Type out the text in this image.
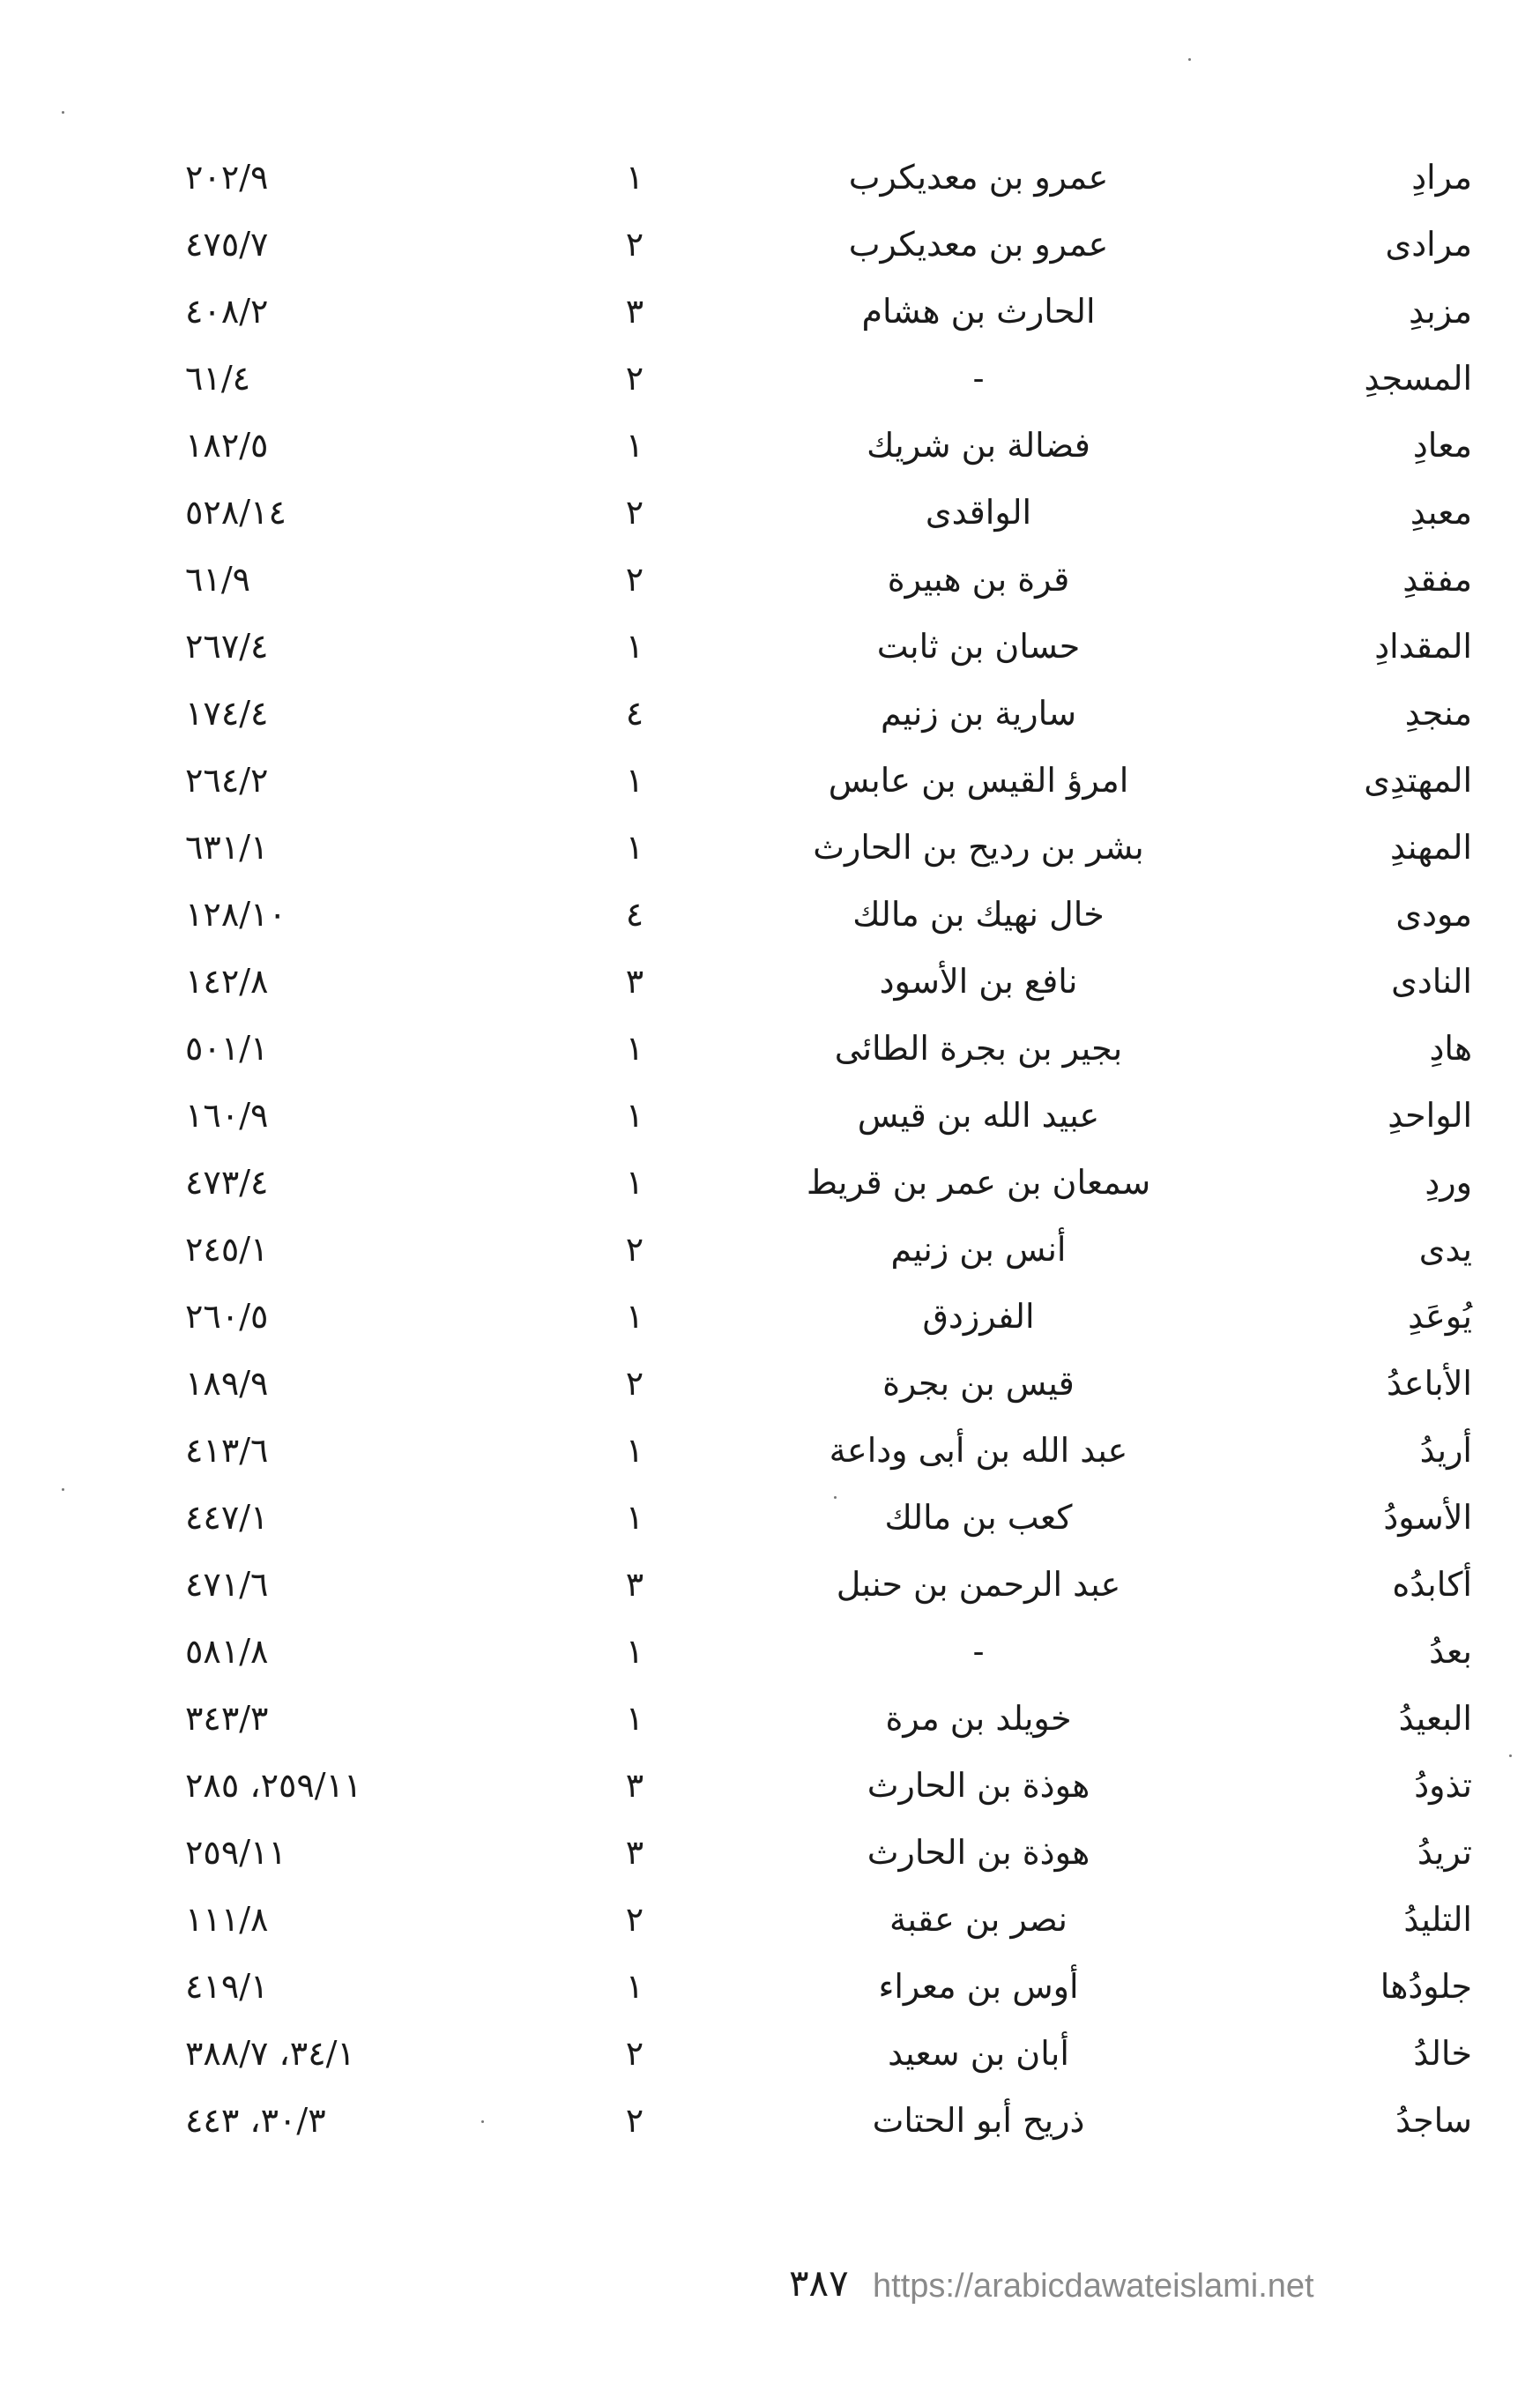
مرادِ
عمرو بن معديكرب
١
٢٠٢/٩
مرادى
عمرو بن معديكرب
٢
٤٧٥/٧
مزبدِ
الحارث بن هشام
٣
٤٠٨/٢
المسجدِ
-
٢
٦١/٤
معادِ
فضالة بن شريك
١
١٨٢/٥
معبدِ
الواقدى
٢
٥٢٨/١٤
مفقدِ
قرة بن هبيرة
٢
٦١/٩
المقدادِ
حسان بن ثابت
١
٢٦٧/٤
منجدِ
سارية بن زنيم
٤
١٧٤/٤
المهتدِى
امرؤ القيس بن عابس
١
٢٦٤/٢
المهندِ
بشر بن رديح بن الحارث
١
٦٣١/١
مودى
خال نهيك بن مالك
٤
١٢٨/١٠
النادى
نافع بن الأسود
٣
١٤٢/٨
هادِ
بجير بن بجرة الطائى
١
٥٠١/١
الواحدِ
عبيد الله بن قيس
١
١٦٠/٩
وردِ
سمعان بن عمر بن قريط
١
٤٧٣/٤
يدى
أنس بن زنيم
٢
٢٤٥/١
يُوعَدِ
الفرزدق
١
٢٦٠/٥
الأباعدُ
قيس بن بجرة
٢
١٨٩/٩
أريدُ
عبد الله بن أبى وداعة
١
٤١٣/٦
الأسودُ
كعب بن مالك
١
٤٤٧/١
أكابدُه
عبد الرحمن بن حنبل
٣
٤٧١/٦
بعدُ
-
١
٥٨١/٨
البعيدُ
خويلد بن مرة
١
٣٤٣/٣
تذودُ
هوذة بن الحارث
٣
٢٥٩/١١، ٢٨٥
تريدُ
هوذة بن الحارث
٣
٢٥٩/١١
التليدُ
نصر بن عقبة
٢
١١١/٨
جلودُها
أوس بن معراء
١
٤١٩/١
خالدُ
أبان بن سعيد
٢
٣٤/١، ٣٨٨/٧
ساجدُ
ذريح أبو الحتات
٢
٣٠/٣، ٤٤٣
٣٨٧ https://arabicdawateislami.net
